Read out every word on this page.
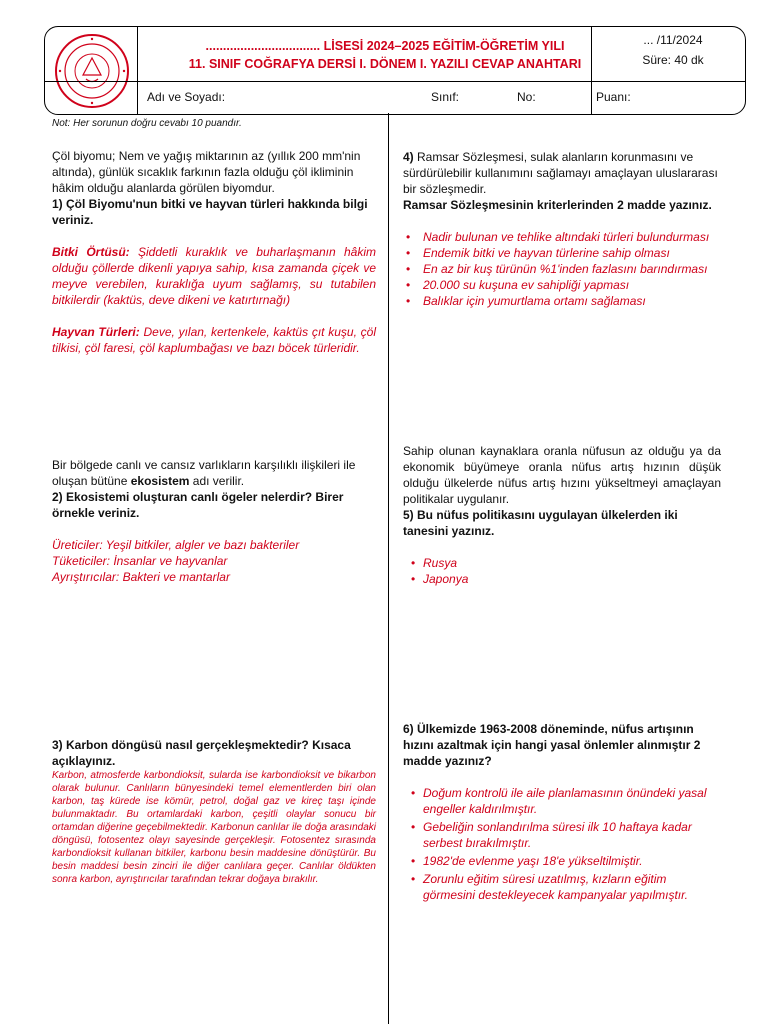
................................. LİSESİ 2024–2025 EĞİTİM-ÖĞRETİM YILI
11. SINIF COĞRAFYA DERSİ I. DÖNEM I. YAZILI CEVAP ANAHTARI
... /11/2024
Süre: 40 dk
Adı ve Soyadı:	Sınıf:	No:	Puanı:
Not: Her sorunun doğru cevabı 10 puandır.

Çöl biyomu; Nem ve yağış miktarının az (yıllık 200 mm'nin altında), günlük sıcaklık farkının fazla olduğu çöl ikliminin hâkim olduğu alanlarda görülen biyomdur.

1) Çöl Biyomu'nun bitki ve hayvan türleri hakkında bilgi veriniz.

Bitki Örtüsü: Şiddetli kuraklık ve buharlaşmanın hâkim olduğu çöllerde dikenli yapıya sahip, kısa zamanda çiçek ve meyve verebilen, kuraklığa uyum sağlamış, su tutabilen bitkilerdir (kaktüs, deve dikeni ve katırtırnağı)

Hayvan Türleri: Deve, yılan, kertenkele, kaktüs çıt kuşu, çöl tilkisi, çöl faresi, çöl kaplumbağası ve bazı böcek türleridir.

Bir bölgede canlı ve cansız varlıkların karşılıklı ilişkileri ile oluşan bütüne ekosistem adı verilir.

2) Ekosistemi oluşturan canlı ögeler nelerdir? Birer örnekle veriniz.

Üreticiler: Yeşil bitkiler, algler ve bazı bakteriler

Tüketiciler: İnsanlar ve hayvanlar

Ayrıştırıcılar: Bakteri ve mantarlar

3) Karbon döngüsü nasıl gerçekleşmektedir? Kısaca açıklayınız.

Karbon, atmosferde karbondioksit, sularda ise karbondioksit ve bikarbon olarak bulunur. Canlıların bünyesindeki temel elementlerden biri olan karbon, taş kürede ise kömür, petrol, doğal gaz ve kireç taşı içinde bulunmaktadır. Bu ortamlardaki karbon, çeşitli olaylar sonucu bir ortamdan diğerine geçebilmektedir. Karbonun canlılar ile doğa arasındaki döngüsü, fotosentez olayı sayesinde gerçekleşir. Fotosentez sırasında karbondioksit kullanan bitkiler, karbonu besin maddesine dönüştürür. Bu besin maddesi besin zinciri ile diğer canlılara geçer. Canlılar öldükten sonra karbon, ayrıştırıcılar tarafından tekrar doğaya bırakılır.

4) Ramsar Sözleşmesi, sulak alanların korunmasını ve sürdürülebilir kullanımını sağlamayı amaçlayan uluslararası bir sözleşmedir.

Ramsar Sözleşmesinin kriterlerinden 2 madde yazınız.

• Nadir bulunan ve tehlike altındaki türleri bulundurması
• Endemik bitki ve hayvan türlerine sahip olması
• En az bir kuş türünün %1'inden fazlasını barındırması
• 20.000 su kuşuna ev sahipliği yapması
• Balıklar için yumurtlama ortamı sağlaması

Sahip olunan kaynaklara oranla nüfusun az olduğu ya da ekonomik büyümeye oranla nüfus artış hızının düşük olduğu ülkelerde nüfus artış hızını yükseltmeyi amaçlayan politikalar uygulanır.

5) Bu nüfus politikasını uygulayan ülkelerden iki tanesini yazınız.

• Rusya
• Japonya

6) Ülkemizde 1963-2008 döneminde, nüfus artışının hızını azaltmak için hangi yasal önlemler alınmıştır 2 madde yazınız?

• Doğum kontrolü ile aile planlamasının önündeki yasal engeller kaldırılmıştır.
• Gebeliğin sonlandırılma süresi ilk 10 haftaya kadar serbest bırakılmıştır.
• 1982'de evlenme yaşı 18'e yükseltilmiştir.
• Zorunlu eğitim süresi uzatılmış, kızların eğitim görmesini destekleyecek kampanyalar yapılmıştır.
